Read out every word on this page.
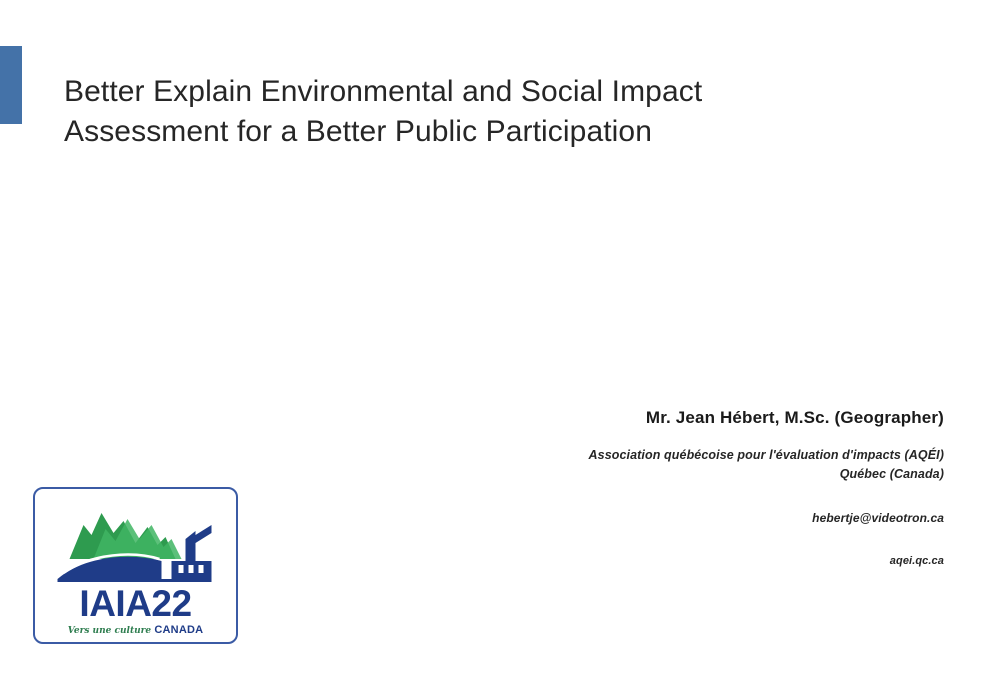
Better Explain Environmental and Social Impact
Assessment for a Better Public Participation
Mr. Jean Hébert, M.Sc. (Geographer)
Association québécoise pour l'évaluation d'impacts (AQÉI)
Québec (Canada)
hebertje@videotron.ca
aqei.qc.ca
IAIA22
Vers une culture CANADA
